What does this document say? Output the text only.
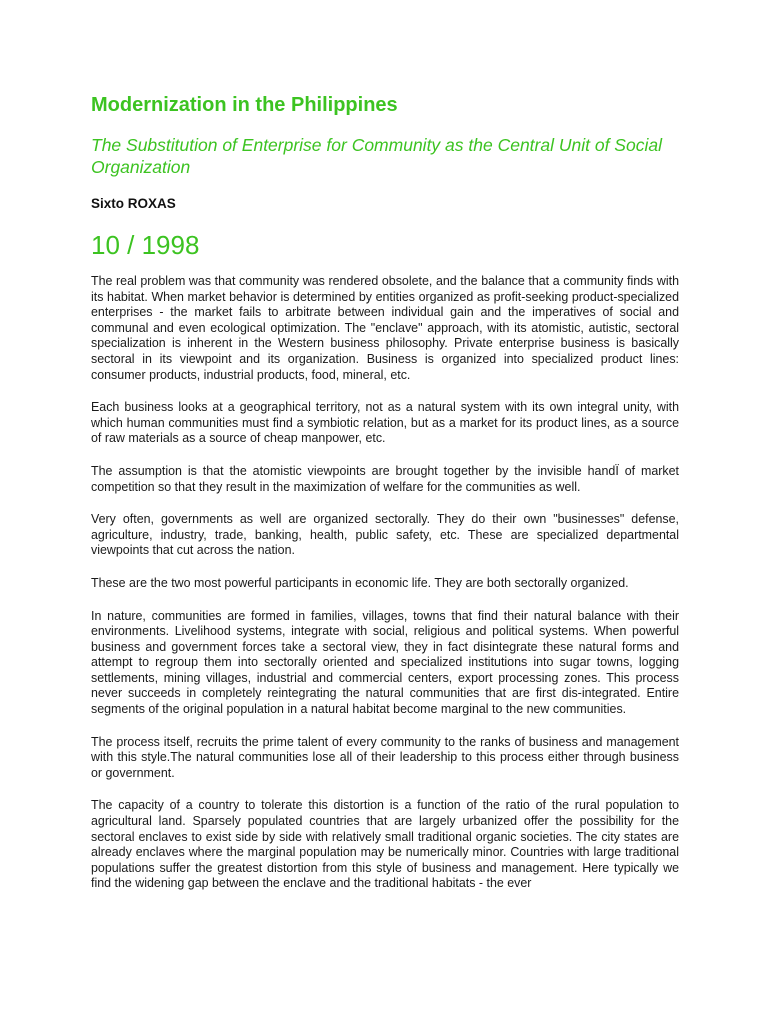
Modernization in the Philippines
The Substitution of Enterprise for Community as the Central Unit of Social Organization
Sixto ROXAS
10 / 1998

The real problem was that community was rendered obsolete, and the balance that a community finds with its habitat. When market behavior is determined by entities organized as profit-seeking product-specialized enterprises - the market fails to arbitrate between individual gain and the imperatives of social and communal and even ecological optimization. The "enclave" approach, with its atomistic, autistic, sectoral specialization is inherent in the Western business philosophy. Private enterprise business is basically sectoral in its viewpoint and its organization. Business is organized into specialized product lines: consumer products, industrial products, food, mineral, etc.

Each business looks at a geographical territory, not as a natural system with its own integral unity, with which human communities must find a symbiotic relation, but as a market for its product lines, as a source of raw materials as a source of cheap manpower, etc.

The assumption is that the atomistic viewpoints are brought together by the invisible handÏ of market competition so that they result in the maximization of welfare for the communities as well.

Very often, governments as well are organized sectorally. They do their own "businesses" defense, agriculture, industry, trade, banking, health, public safety, etc. These are specialized departmental viewpoints that cut across the nation.

These are the two most powerful participants in economic life. They are both sectorally organized.

In nature, communities are formed in families, villages, towns that find their natural balance with their environments. Livelihood systems, integrate with social, religious and political systems. When powerful business and government forces take a sectoral view, they in fact disintegrate these natural forms and attempt to regroup them into sectorally oriented and specialized institutions into sugar towns, logging settlements, mining villages, industrial and commercial centers, export processing zones. This process never succeeds in completely reintegrating the natural communities that are first dis-integrated. Entire segments of the original population in a natural habitat become marginal to the new communities.

The process itself, recruits the prime talent of every community to the ranks of business and management with this style.The natural communities lose all of their leadership to this process either through business or government.

The capacity of a country to tolerate this distortion is a function of the ratio of the rural population to agricultural land. Sparsely populated countries that are largely urbanized offer the possibility for the sectoral enclaves to exist side by side with relatively small traditional organic societies. The city states are already enclaves where the marginal population may be numerically minor. Countries with large traditional populations suffer the greatest distortion from this style of business and management. Here typically we find the widening gap between the enclave and the traditional habitats - the ever
